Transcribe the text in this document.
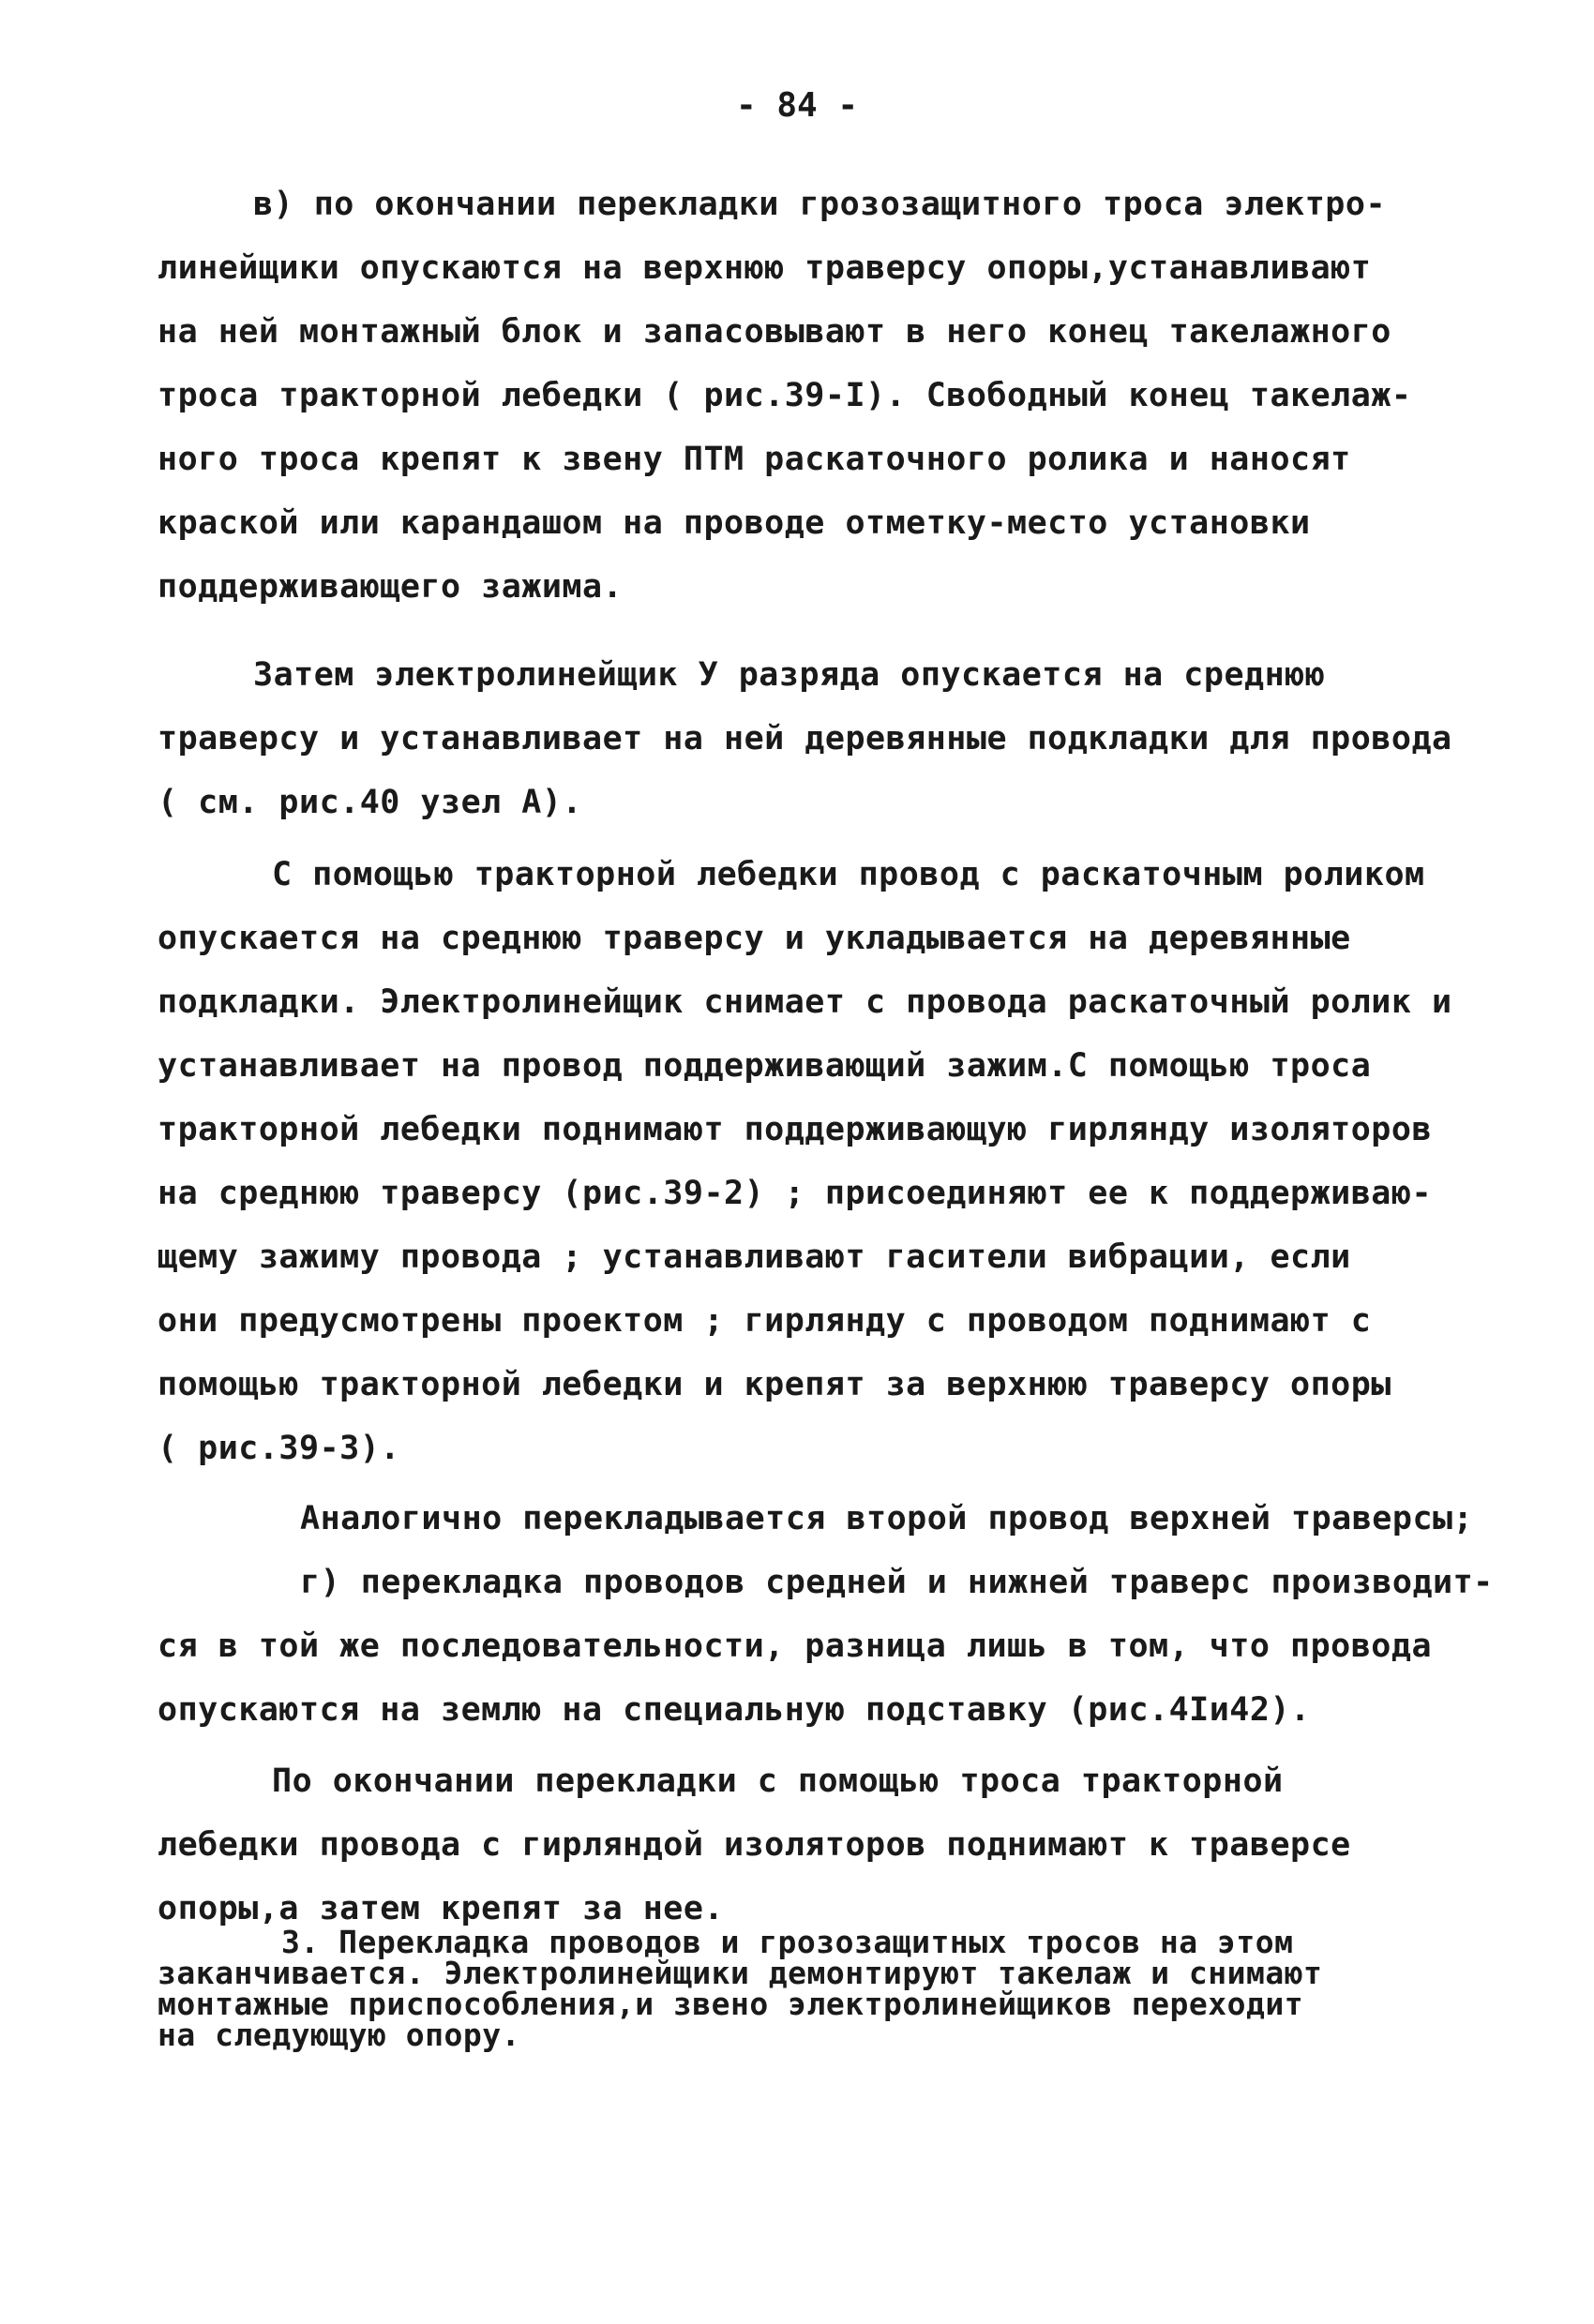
- 84 -
в) по окончании перекладки грозозащитного троса электро-
линейщики опускаются на верхнюю траверсу опоры,устанавливают
на ней монтажный блок и запасовывают в него конец такелажного
троса тракторной лебедки ( рис.39-I). Свободный конец такелаж-
ного троса крепят к звену ПТМ раскаточного ролика и наносят
краской или карандашом на проводе отметку-место установки
поддерживающего зажима.
Затем электролинейщик У разряда опускается на среднюю
траверсу и устанавливает на ней деревянные подкладки для провода
( см. рис.40 узел А).
С помощью тракторной лебедки провод с раскаточным роликом
опускается на среднюю траверсу и укладывается на деревянные
подкладки. Электролинейщик снимает с провода раскаточный ролик и
устанавливает на провод поддерживающий зажим.С помощью троса
тракторной лебедки поднимают поддерживающую гирлянду изоляторов
на среднюю траверсу (рис.39-2) ; присоединяют ее к поддерживаю-
щему зажиму провода ; устанавливают гасители вибрации, если
они предусмотрены проектом ; гирлянду с проводом поднимают с
помощью тракторной лебедки и крепят за верхнюю траверсу опоры
( рис.39-3).
Аналогично перекладывается второй провод верхней траверсы;
г) перекладка проводов средней и нижней траверс производит-
ся в той же последовательности, разница лишь в том, что провода
опускаются на землю на специальную подставку (рис.4Iи42).
По окончании перекладки с помощью троса тракторной
лебедки провода с гирляндой изоляторов поднимают к траверсе
опоры,а затем крепят за нее.
3. Перекладка проводов и грозозащитных тросов на этом
заканчивается. Электролинейщики демонтируют такелаж и снимают
монтажные приспособления,и звено электролинейщиков переходит
на следующую опору.
